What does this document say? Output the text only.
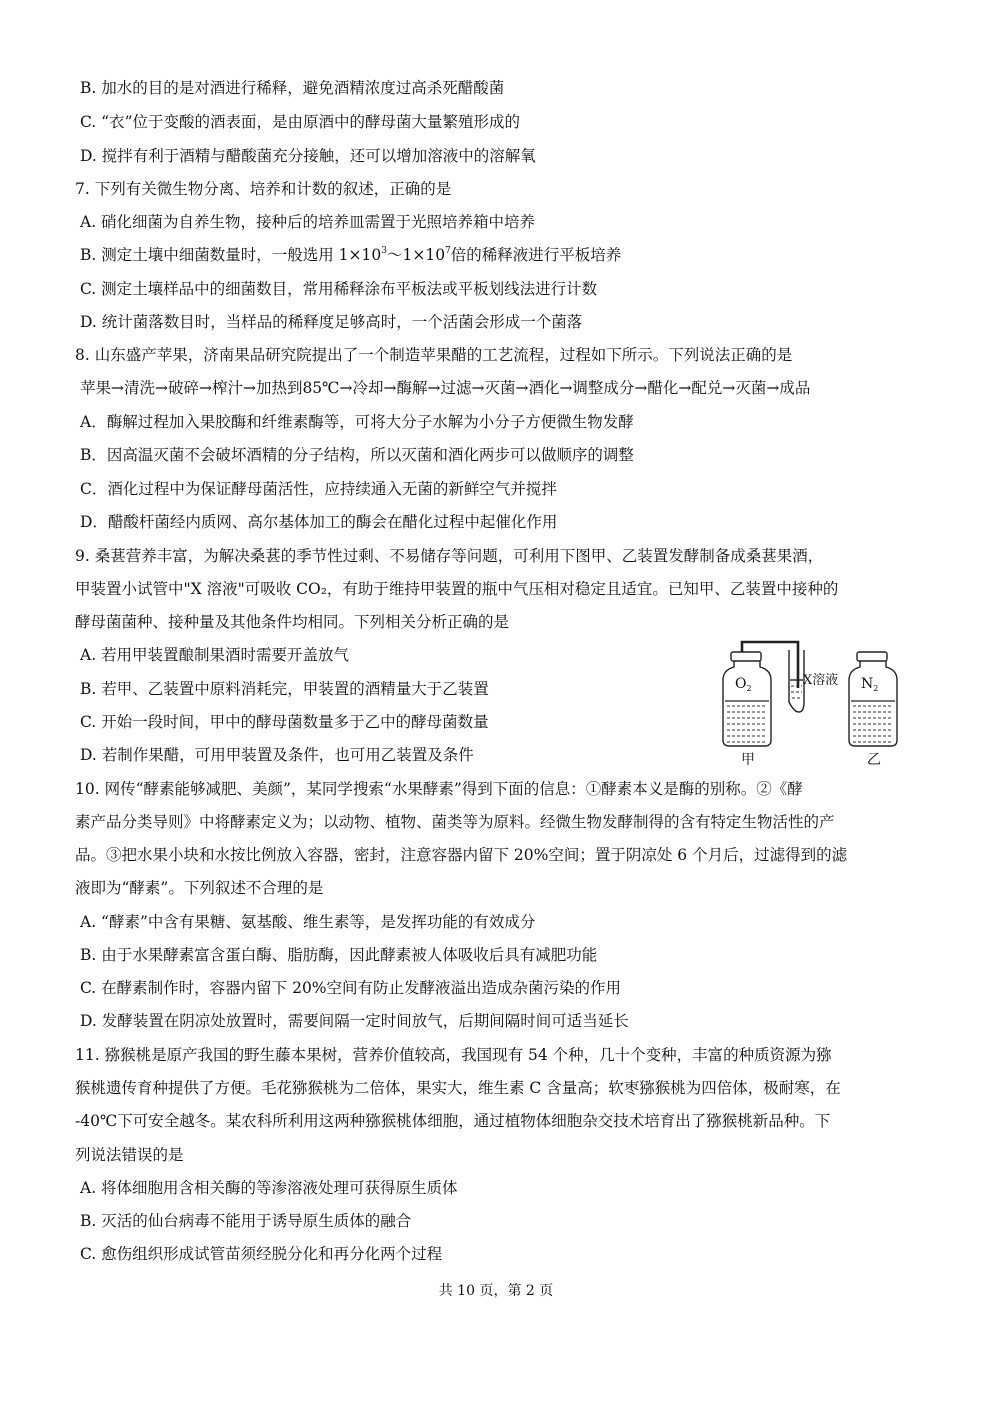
B. 加水的目的是对酒进行稀释，避免酒精浓度过高杀死醋酸菌
C. “衣”位于变酸的酒表面，是由原酒中的酵母菌大量繁殖形成的
D. 搅拌有利于酒精与醋酸菌充分接触，还可以增加溶液中的溶解氧
7. 下列有关微生物分离、培养和计数的叙述，正确的是
A. 硝化细菌为自养生物，接种后的培养皿需置于光照培养箱中培养
B. 测定土壤中细菌数量时，一般选用 $1\times 10^3\sim 1\times 10^7$倍的稀释液进行平板培养
C. 测定土壤样品中的细菌数目，常用稀释涂布平板法或平板划线法进行计数
D. 统计菌落数目时，当样品的稀释度足够高时，一个活菌会形成一个菌落
8. 山东盛产苹果，济南果品研究院提出了一个制造苹果醋的工艺流程，过程如下所示。下列说法正确的是
苹果→清洗→破碎→榨汁→加热到85℃→冷却→酶解→过滤→灭菌→酒化→调整成分→醋化→配兑→灭菌→成品
A．酶解过程加入果胶酶和纤维素酶等，可将大分子水解为小分子方便微生物发酵
B．因高温灭菌不会破坏酒精的分子结构，所以灭菌和酒化两步可以做顺序的调整
C．酒化过程中为保证酵母菌活性，应持续通入无菌的新鲜空气并搅拌
D．醋酸杆菌经内质网、高尔基体加工的酶会在醋化过程中起催化作用
9. 桑葚营养丰富，为解决桑葚的季节性过剩、不易储存等问题，可利用下图甲、乙装置发酵制备成桑葚果酒，
甲装置小试管中"X 溶液"可吸收 CO₂，有助于维持甲装置的瓶中气压相对稳定且适宜。已知甲、乙装置中接种的
酵母菌菌种、接种量及其他条件均相同。下列相关分析正确的是
A. 若用甲装置酿制果酒时需要开盖放气
B. 若甲、乙装置中原料消耗完，甲装置的酒精量大于乙装置
C. 开始一段时间，甲中的酵母菌数量多于乙中的酵母菌数量
D. 若制作果醋，可用甲装置及条件，也可用乙装置及条件
$O_2$
X溶液 $N_2$
甲	乙
10. 网传“酵素能够减肥、美颜”，某同学搜索“水果酵素”得到下面的信息：①酵素本义是酶的别称。②《酵
素产品分类导则》中将酵素定义为；以动物、植物、菌类等为原料。经微生物发酵制得的含有特定生物活性的产
品。③把水果小块和水按比例放入容器，密封，注意容器内留下 20%空间；置于阴凉处 6 个月后，过滤得到的滤
液即为“酵素”。下列叙述不合理的是
A. “酵素”中含有果糖、氨基酸、维生素等，是发挥功能的有效成分
B. 由于水果酵素富含蛋白酶、脂肪酶，因此酵素被人体吸收后具有减肥功能
C. 在酵素制作时，容器内留下 20%空间有防止发酵液溢出造成杂菌污染的作用
D. 发酵装置在阴凉处放置时，需要间隔一定时间放气，后期间隔时间可适当延长
11. 猕猴桃是原产我国的野生藤本果树，营养价值较高，我国现有 54 个种，几十个变种，丰富的种质资源为猕
猴桃遗传育种提供了方便。毛花猕猴桃为二倍体，果实大，维生素 C 含量高；软枣猕猴桃为四倍体，极耐寒，在
-40℃下可安全越冬。某农科所利用这两种猕猴桃体细胞，通过植物体细胞杂交技术培育出了猕猴桃新品种。下
列说法错误的是
A. 将体细胞用含相关酶的等渗溶液处理可获得原生质体
B. 灭活的仙台病毒不能用于诱导原生质体的融合
C. 愈伤组织形成试管苗须经脱分化和再分化两个过程
共 10 页，第 2 页
